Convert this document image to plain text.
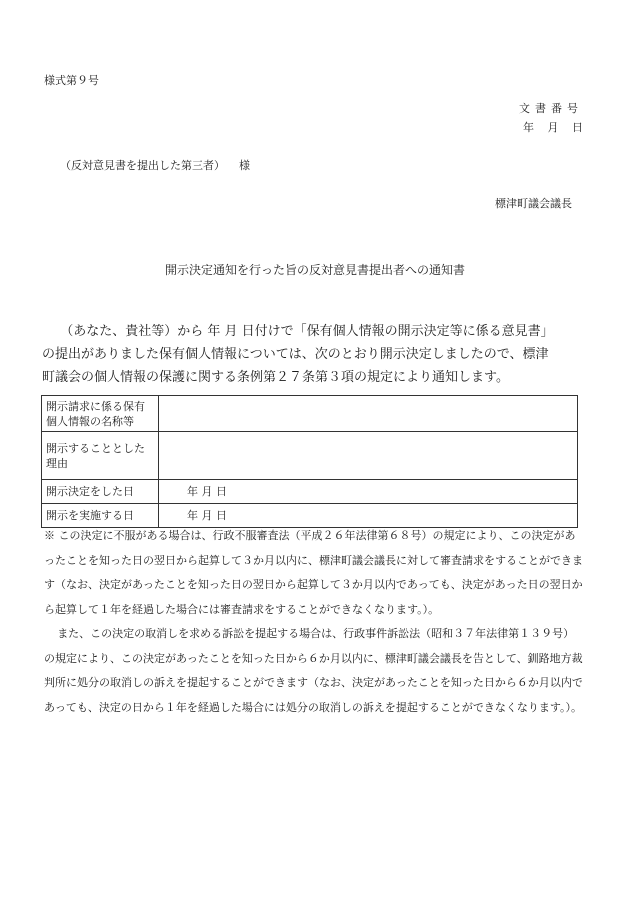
様式第９号
文書番号
年 月 日
（反対意見書を提出した第三者） 様
標津町議会議長
開示決定通知を行った旨の反対意見書提出者への通知書

（あなた、貴社等）から 年 月 日付けで「保有個人情報の開示決定等に係る意見書」

の提出がありました保有個人情報については、次のとおり開示決定しましたので、標津

町議会の個人情報の保護に関する条例第２７条第３項の規定により通知します。

開示請求に係る保有
個人情報の名称等	
開示することとした
理由	
開示決定をした日	年 月 日
開示を実施する日	年 月 日

※ この決定に不服がある場合は、行政不服審査法（平成２６年法律第６８号）の規定により、この決定があったことを知った日の翌日から起算して３か月以内に、標津町議会議長に対して審査請求をすることができます（なお、決定があったことを知った日の翌日から起算して３か月以内であっても、決定があった日の翌日から起算して１年を経過した場合には審査請求をすることができなくなります。）。

また、この決定の取消しを求める訴訟を提起する場合は、行政事件訴訟法（昭和３７年法律第１３９号）の規定により、この決定があったことを知った日から６か月以内に、標津町議会議長を告として、釧路地方裁判所に処分の取消しの訴えを提起することができます（なお、決定があったことを知った日から６か月以内であっても、決定の日から１年を経過した場合には処分の取消しの訴えを提起することができなくなります。）。
